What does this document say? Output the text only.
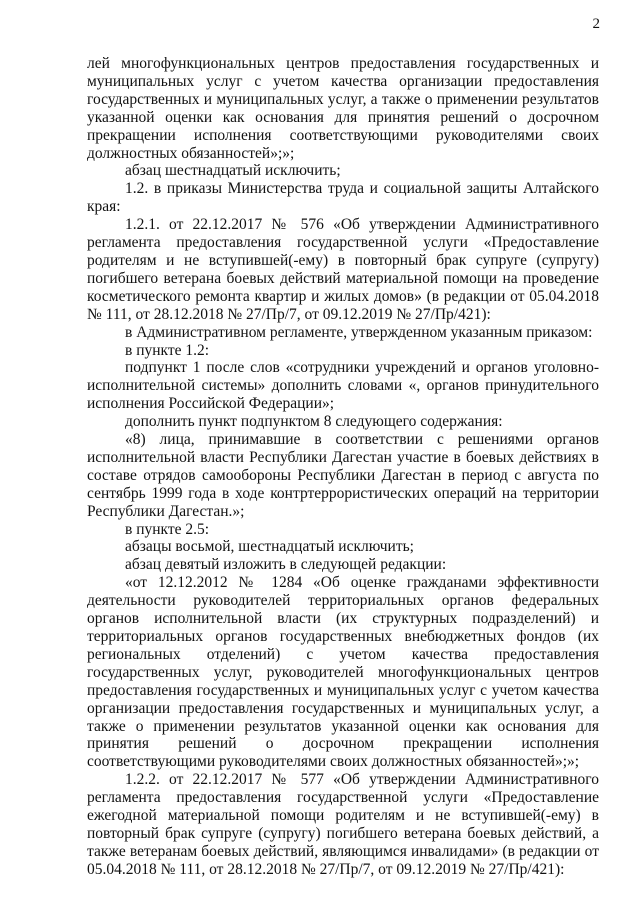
2

лей многофункциональных центров предоставления государственных и муниципальных услуг с учетом качества организации предоставления государственных и муниципальных услуг, а также о применении результатов указанной оценки как основания для принятия решений о досрочном прекращении исполнения соответствующими руководителями своих должностных обязанностей»;»;

абзац шестнадцатый исключить;

1.2. в приказы Министерства труда и социальной защиты Алтайского края:

1.2.1. от 22.12.2017 № 576 «Об утверждении Административного регламента предоставления государственной услуги «Предоставление родителям и не вступившей(-ему) в повторный брак супруге (супругу) погибшего ветерана боевых действий материальной помощи на проведение косметического ремонта квартир и жилых домов» (в редакции от 05.04.2018 № 111, от 28.12.2018 № 27/Пр/7, от 09.12.2019 № 27/Пр/421):

в Административном регламенте, утвержденном указанным приказом:

в пункте 1.2:

подпункт 1 после слов «сотрудники учреждений и органов уголовно-исполнительной системы» дополнить словами «, органов принудительного исполнения Российской Федерации»;

дополнить пункт подпунктом 8 следующего содержания:

«8) лица, принимавшие в соответствии с решениями органов исполнительной власти Республики Дагестан участие в боевых действиях в составе отрядов самообороны Республики Дагестан в период с августа по сентябрь 1999 года в ходе контртеррористических операций на территории Республики Дагестан.»;

в пункте 2.5:

абзацы восьмой, шестнадцатый исключить;

абзац девятый изложить в следующей редакции:

«от 12.12.2012 № 1284 «Об оценке гражданами эффективности деятельности руководителей территориальных органов федеральных органов исполнительной власти (их структурных подразделений) и территориальных органов государственных внебюджетных фондов (их региональных отделений) с учетом качества предоставления государственных услуг, руководителей многофункциональных центров предоставления государственных и муниципальных услуг с учетом качества организации предоставления государственных и муниципальных услуг, а также о применении результатов указанной оценки как основания для принятия решений о досрочном прекращении исполнения соответствующими руководителями своих должностных обязанностей»;»;

1.2.2. от 22.12.2017 № 577 «Об утверждении Административного регламента предоставления государственной услуги «Предоставление ежегодной материальной помощи родителям и не вступившей(-ему) в повторный брак супруге (супругу) погибшего ветерана боевых действий, а также ветеранам боевых действий, являющимся инвалидами» (в редакции от 05.04.2018 № 111, от 28.12.2018 № 27/Пр/7, от 09.12.2019 № 27/Пр/421):
